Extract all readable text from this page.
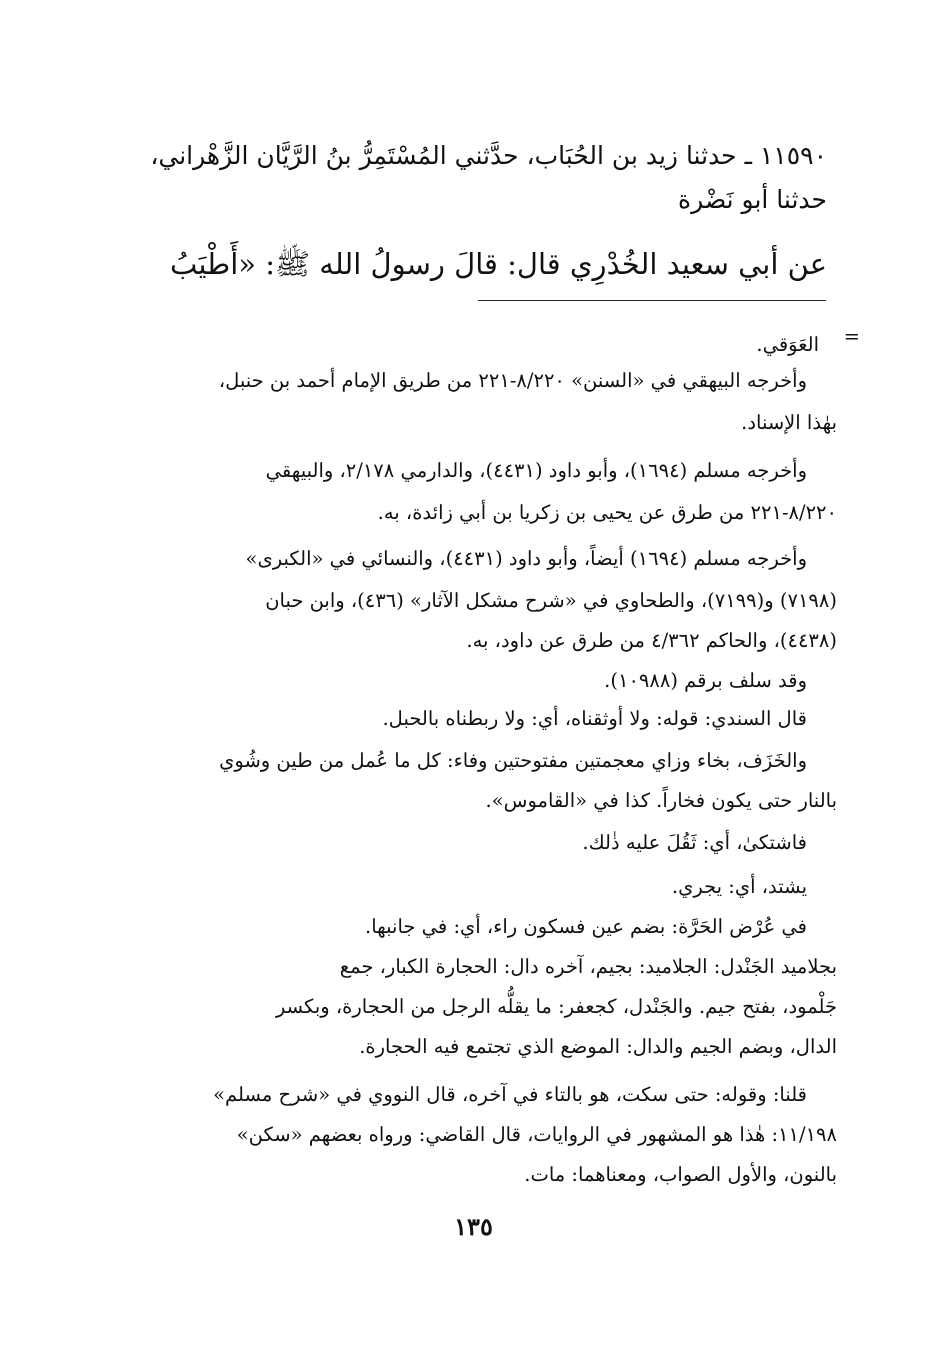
١١٥٩٠ ـ حدثنا زيد بن الحُبَاب، حدَّثني المُسْتَمِرُّ بنُ الرَّيَّان الزَّهْراني،
حدثنا أبو نَضْرة
عن أبي سعيد الخُدْرِي قال: قالَ رسولُ الله ﷺ: «أَطْيَبُ
=
العَوَقي.
وأخرجه البيهقي في «السنن» ٨/٢٢٠-٢٢١ من طريق الإمام أحمد بن حنبل،
بهٰذا الإسناد.
وأخرجه مسلم (١٦٩٤)، وأبو داود (٤٤٣١)، والدارمي ٢/١٧٨، والبيهقي
٨/٢٢٠-٢٢١ من طرق عن يحيى بن زكريا بن أبي زائدة، به.
وأخرجه مسلم (١٦٩٤) أيضاً، وأبو داود (٤٤٣١)، والنسائي في «الكبرى»
(٧١٩٨) و(٧١٩٩)، والطحاوي في «شرح مشكل الآثار» (٤٣٦)، وابن حبان
(٤٤٣٨)، والحاكم ٤/٣٦٢ من طرق عن داود، به.
وقد سلف برقم (١٠٩٨٨).
قال السندي: قوله: ولا أوثقناه، أي: ولا ربطناه بالحبل.
والخَزَف، بخاء وزاي معجمتين مفتوحتين وفاء: كل ما عُمل من طين وشُوي
بالنار حتى يكون فخاراً. كذا في «القاموس».
فاشتكىٰ، أي: ثَقُلَ عليه ذٰلك.
يشتد، أي: يجري.
في عُرْض الحَرَّة: بضم عين فسكون راء، أي: في جانبها.
بجلاميد الجَنْدل: الجلاميد: بجيم، آخره دال: الحجارة الكبار، جمع
جَلْمود، بفتح جيم. والجَنْدل، كجعفر: ما يقلُّه الرجل من الحجارة، وبكسر
الدال، وبضم الجيم والدال: الموضع الذي تجتمع فيه الحجارة.
قلنا: وقوله: حتى سكت، هو بالتاء في آخره، قال النووي في «شرح مسلم»
١١/١٩٨: هٰذا هو المشهور في الروايات، قال القاضي: ورواه بعضهم «سكن»
بالنون، والأول الصواب، ومعناهما: مات.
١٣٥
